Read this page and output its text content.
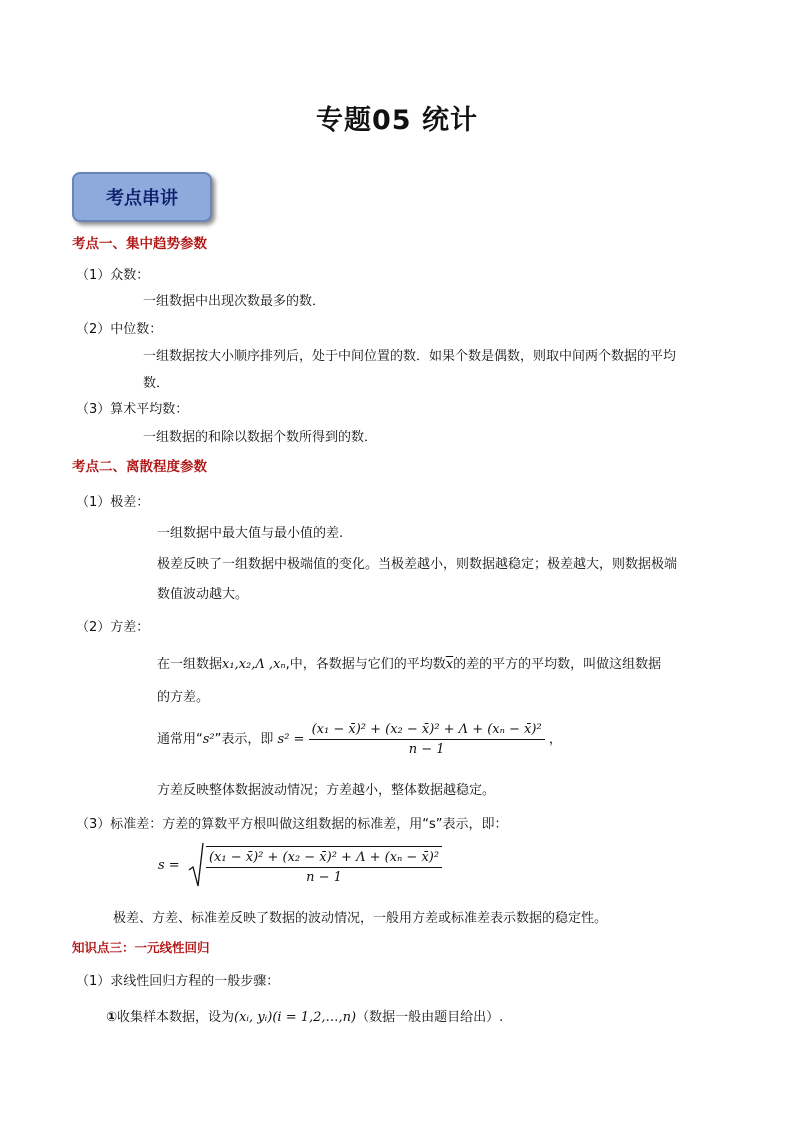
专题05 统计
考点串讲
考点一、集中趋势参数
（1）众数：
一组数据中出现次数最多的数．
（2）中位数：
一组数据按大小顺序排列后，处于中间位置的数．如果个数是偶数，则取中间两个数据的平均
数．
（3）算术平均数：
一组数据的和除以数据个数所得到的数．
考点二、离散程度参数
（1）极差：
一组数据中最大值与最小值的差.
极差反映了一组数据中极端值的变化。当极差越小，则数据越稳定；极差越大，则数据极端
数值波动越大。
（2）方差：
在一组数据x₁,x₂,Λ ,xₙ,中，各数据与它们的平均数$\overline{x}$的差的平方的平均数，叫做这组数据
的方差。
通常用“s²”表示，即 $s^2 = \frac{\text{(x₁ − x̄)² + (x₂ − x̄)² + Λ + (xₙ − x̄)²}}{n - 1}$ ，
方差反映整体数据波动情况；方差越小，整体数据越稳定。
（3）标准差：方差的算数平方根叫做这组数据的标准差，用“s”表示，即：
$s = \frac{\text{(x₁ − x̄)² + (x₂ − x̄)² + Λ + (xₙ − x̄)²}}{n - 1}$
极差、方差、标准差反映了数据的波动情况，一般用方差或标准差表示数据的稳定性。
知识点三：一元线性回归
（1）求线性回归方程的一般步骤：
①收集样本数据，设为(xᵢ, yᵢ)(i = 1,2,…,n)（数据一般由题目给出）.
